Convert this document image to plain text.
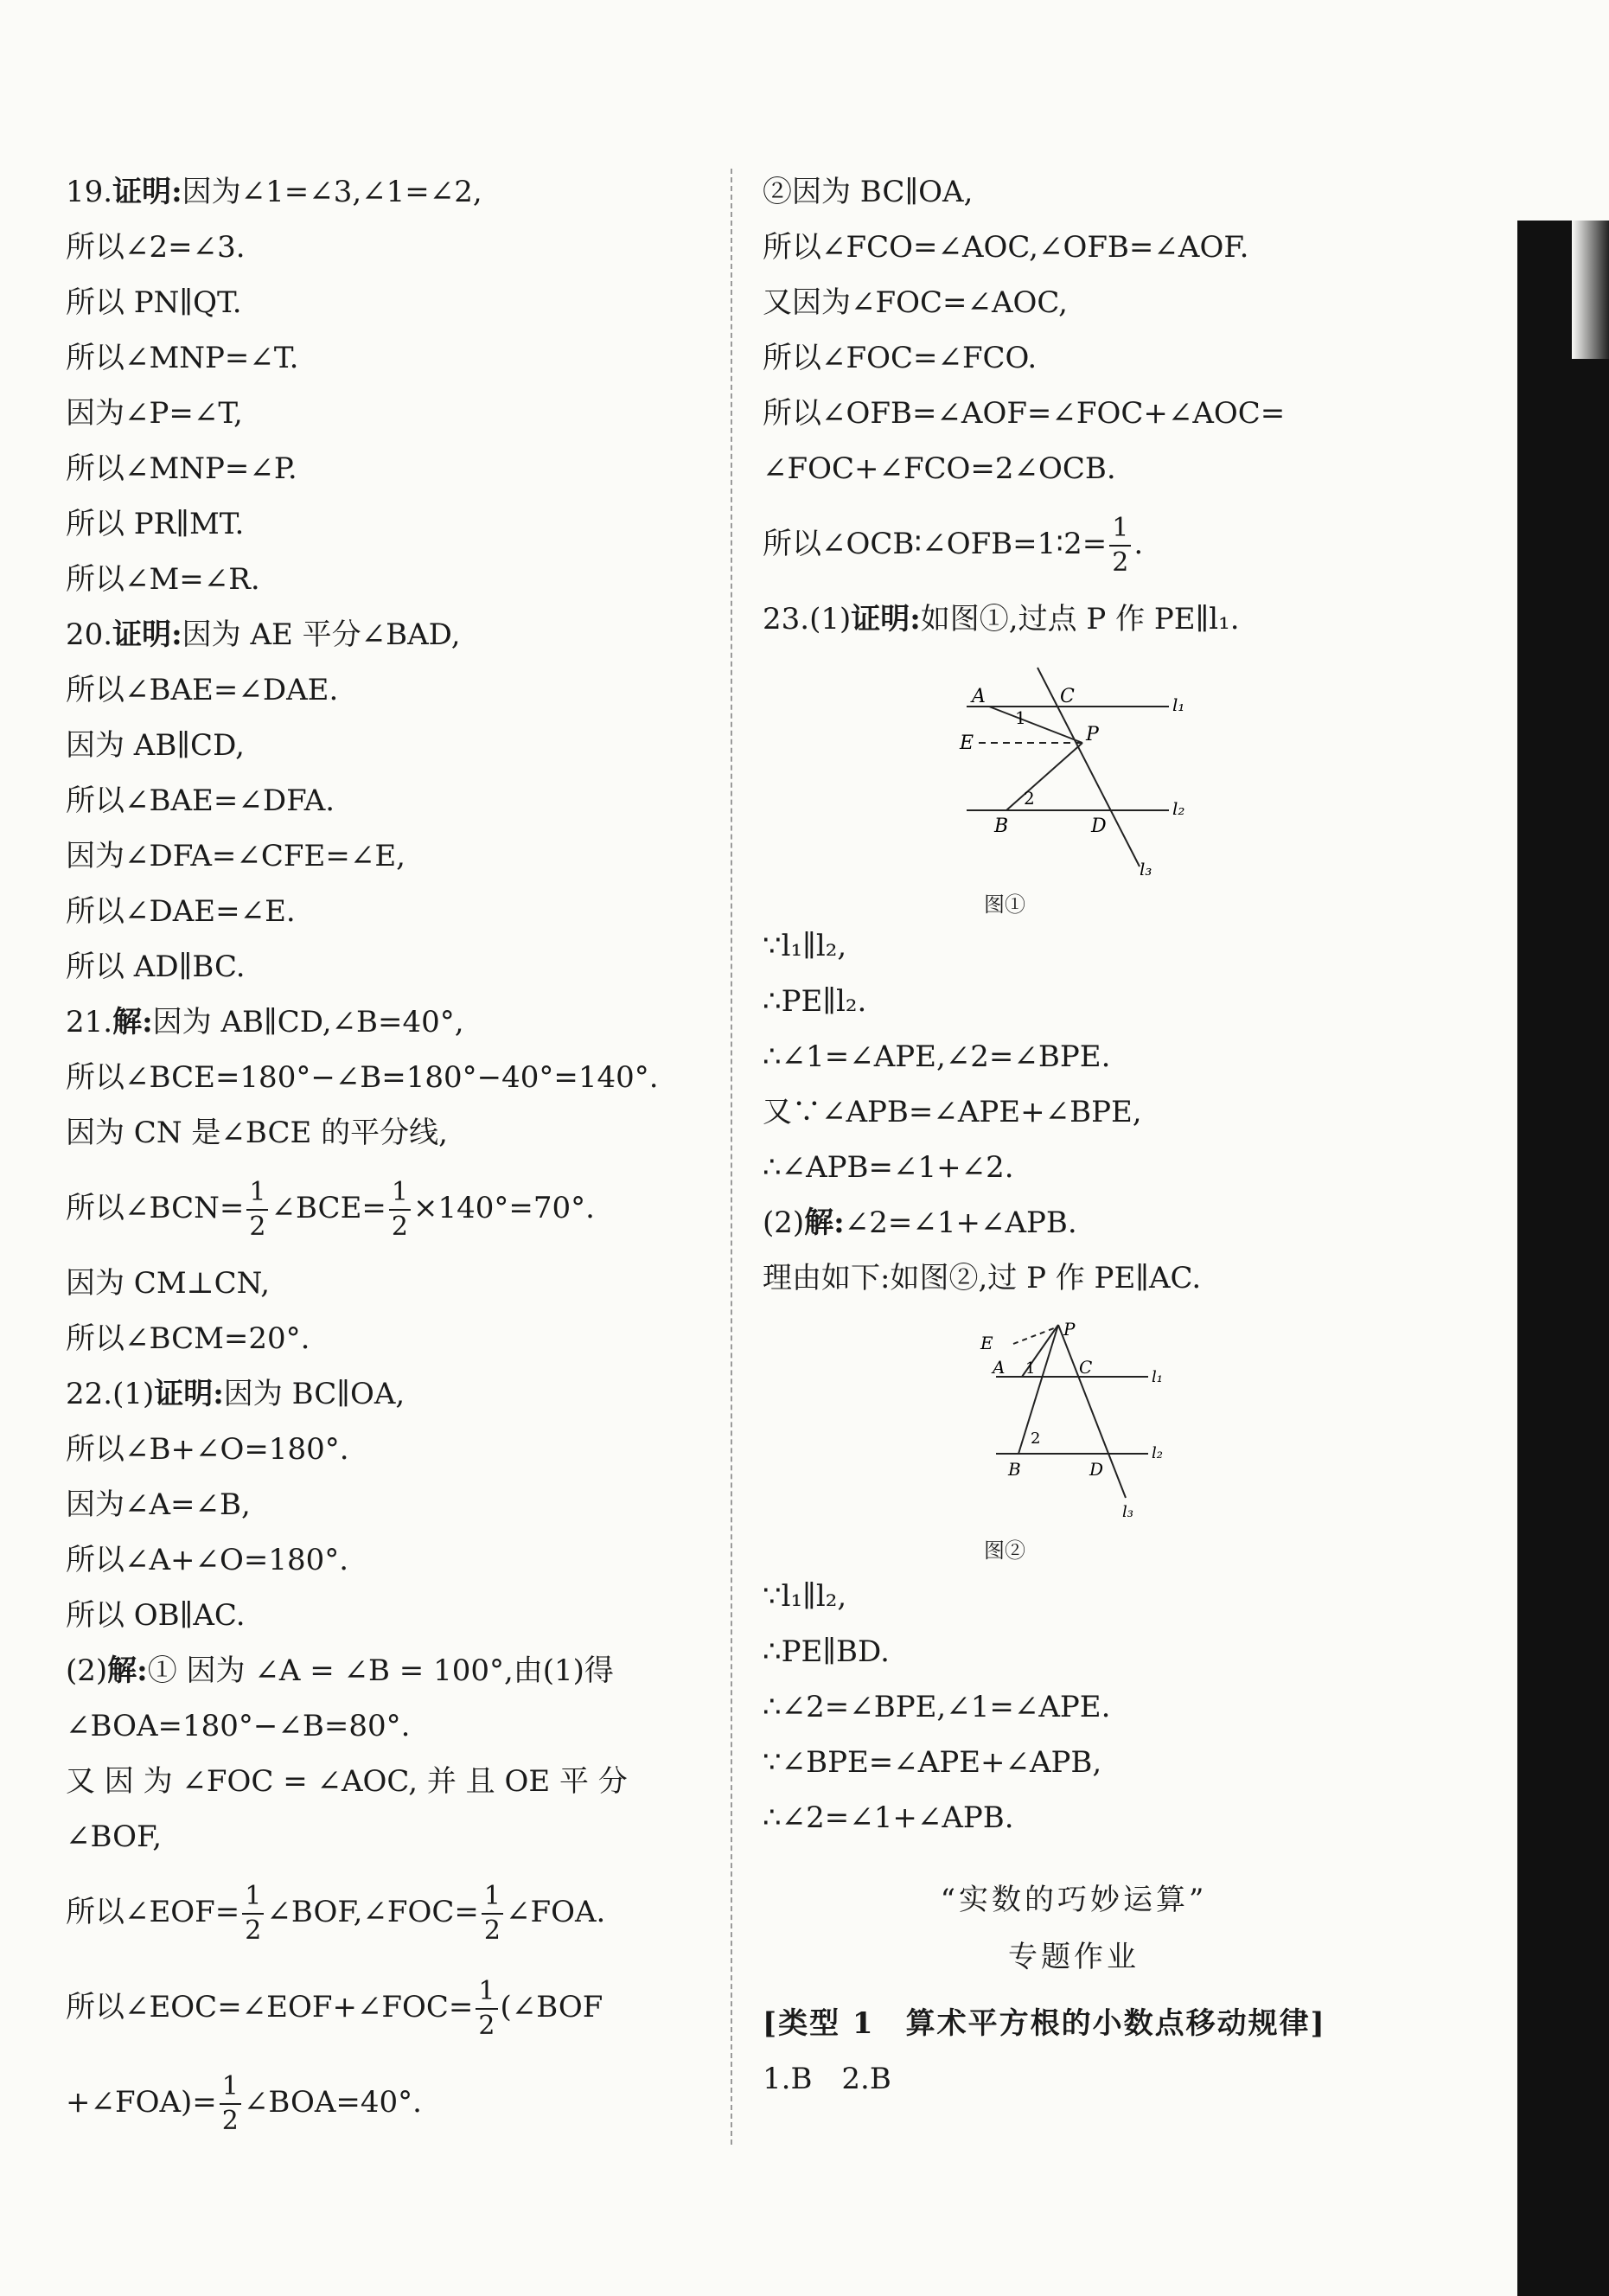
19.证明:因为∠1=∠3,∠1=∠2,
所以∠2=∠3.
所以 PN∥QT.
所以∠MNP=∠T.
因为∠P=∠T,
所以∠MNP=∠P.
所以 PR∥MT.
所以∠M=∠R.
20.证明:因为 AE 平分∠BAD,
所以∠BAE=∠DAE.
因为 AB∥CD,
所以∠BAE=∠DFA.
因为∠DFA=∠CFE=∠E,
所以∠DAE=∠E.
所以 AD∥BC.
21.解:因为 AB∥CD,∠B=40°,
所以∠BCE=180°−∠B=180°−40°=140°.
因为 CN 是∠BCE 的平分线,
所以∠BCN= $\frac{1}{2}$ ∠BCE= $\frac{1}{2} \times 140^\circ=70^\circ$.
因为 CM⊥CN,
所以∠BCM=20°.
22.(1)证明:因为 BC∥OA,
所以∠B+∠O=180°.
因为∠A=∠B,
所以∠A+∠O=180°.
所以 OB∥AC.
(2)解:① 因为 ∠A = ∠B = 100°,由(1)得
∠BOA=180°−∠B=80°.
又 因 为 ∠FOC = ∠AOC, 并 且 OE 平 分
∠BOF,
所以∠EOF= $\frac{1}{2}$ ∠BOF,∠FOC= $\frac{1}{2}$ ∠FOA.
所以∠EOC=∠EOF+∠FOC= $\frac{1}{2}$ (∠BOF
+∠FOA)= $\frac{1}{2}$ ∠BOA=40°.
②因为 BC∥OA,
所以∠FCO=∠AOC,∠OFB=∠AOF.
又因为∠FOC=∠AOC,
所以∠FOC=∠FCO.
所以∠OFB=∠AOF=∠FOC+∠AOC=
∠FOC+∠FCO=2∠OCB.
所以∠OCB∶∠OFB=1∶2= $\frac{1}{2}$ .
23.(1)证明:如图①,过点 P 作 PE∥l₁.
A	C
1
l₁
E	P
2
B	D
l₂
l₃
图①
∵l₁∥l₂,
∴PE∥l₂.
∴∠1=∠APE,∠2=∠BPE.
又∵∠APB=∠APE+∠BPE,
∴∠APB=∠1+∠2.
(2)解:∠2=∠1+∠APB.
理由如下:如图②,过 P 作 PE∥AC.
E
P
A 1	C	l₁
2
B	D
l₂
l₃
图②
∵l₁∥l₂,
∴PE∥BD.
∴∠2=∠BPE,∠1=∠APE.
∵∠BPE=∠APE+∠APB,
∴∠2=∠1+∠APB.
“实数的巧妙运算”
专题作业
[类型 1　算术平方根的小数点移动规律]
1.B　2.B
